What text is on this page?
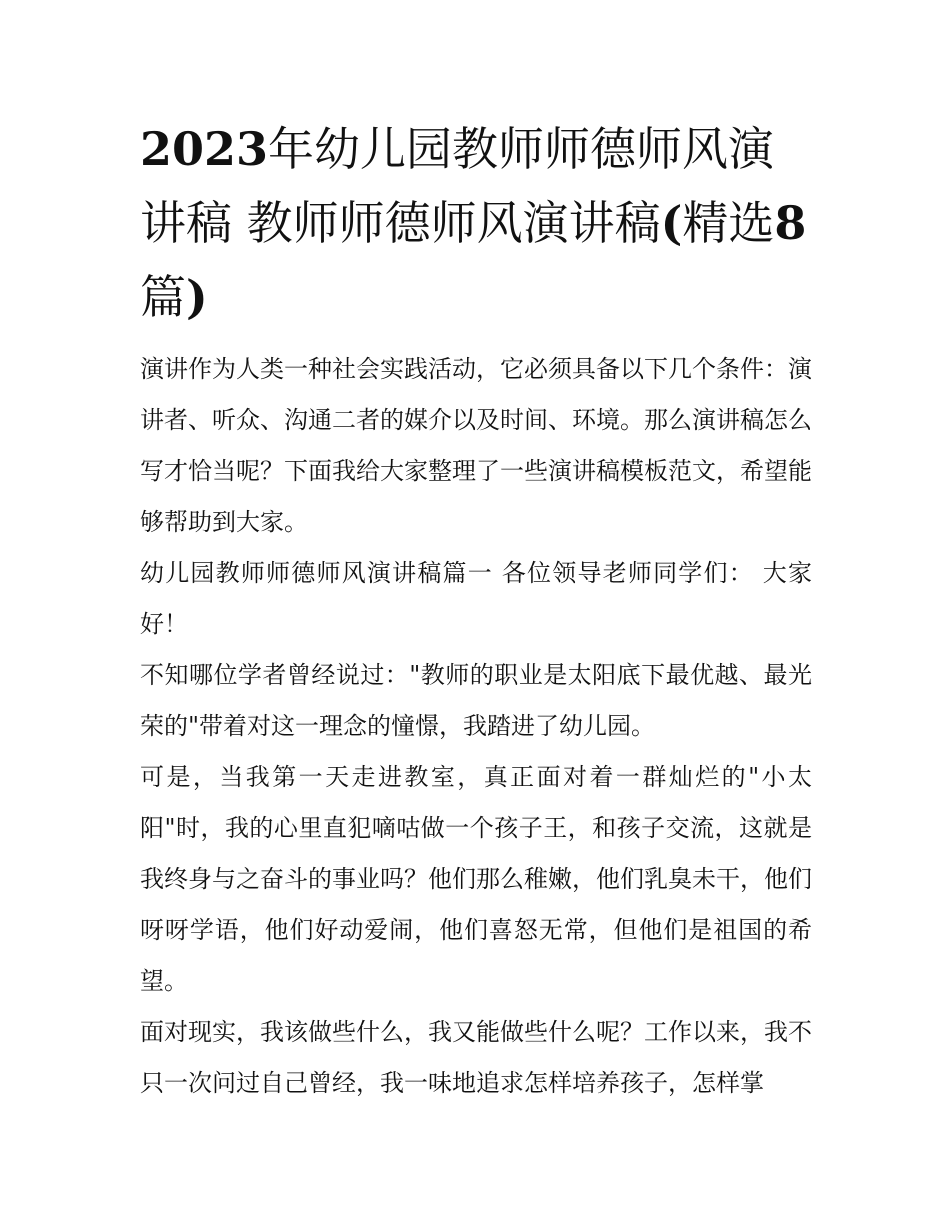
2023年幼儿园教师师德师风演讲稿 教师师德师风演讲稿(精选8篇)

演讲作为人类一种社会实践活动，它必须具备以下几个条件：演讲者、听众、沟通二者的媒介以及时间、环境。那么演讲稿怎么写才恰当呢？下面我给大家整理了一些演讲稿模板范文，希望能够帮助到大家。

幼儿园教师师德师风演讲稿篇一 各位领导老师同学们： 大家好！

不知哪位学者曾经说过："教师的职业是太阳底下最优越、最光荣的"带着对这一理念的憧憬，我踏进了幼儿园。

可是，当我第一天走进教室，真正面对着一群灿烂的"小太阳"时，我的心里直犯嘀咕做一个孩子王，和孩子交流，这就是我终身与之奋斗的事业吗？他们那么稚嫩，他们乳臭未干，他们呀呀学语，他们好动爱闹，他们喜怒无常，但他们是祖国的希望。

面对现实，我该做些什么，我又能做些什么呢？工作以来，我不只一次问过自己曾经，我一味地追求怎样培养孩子，怎样掌
